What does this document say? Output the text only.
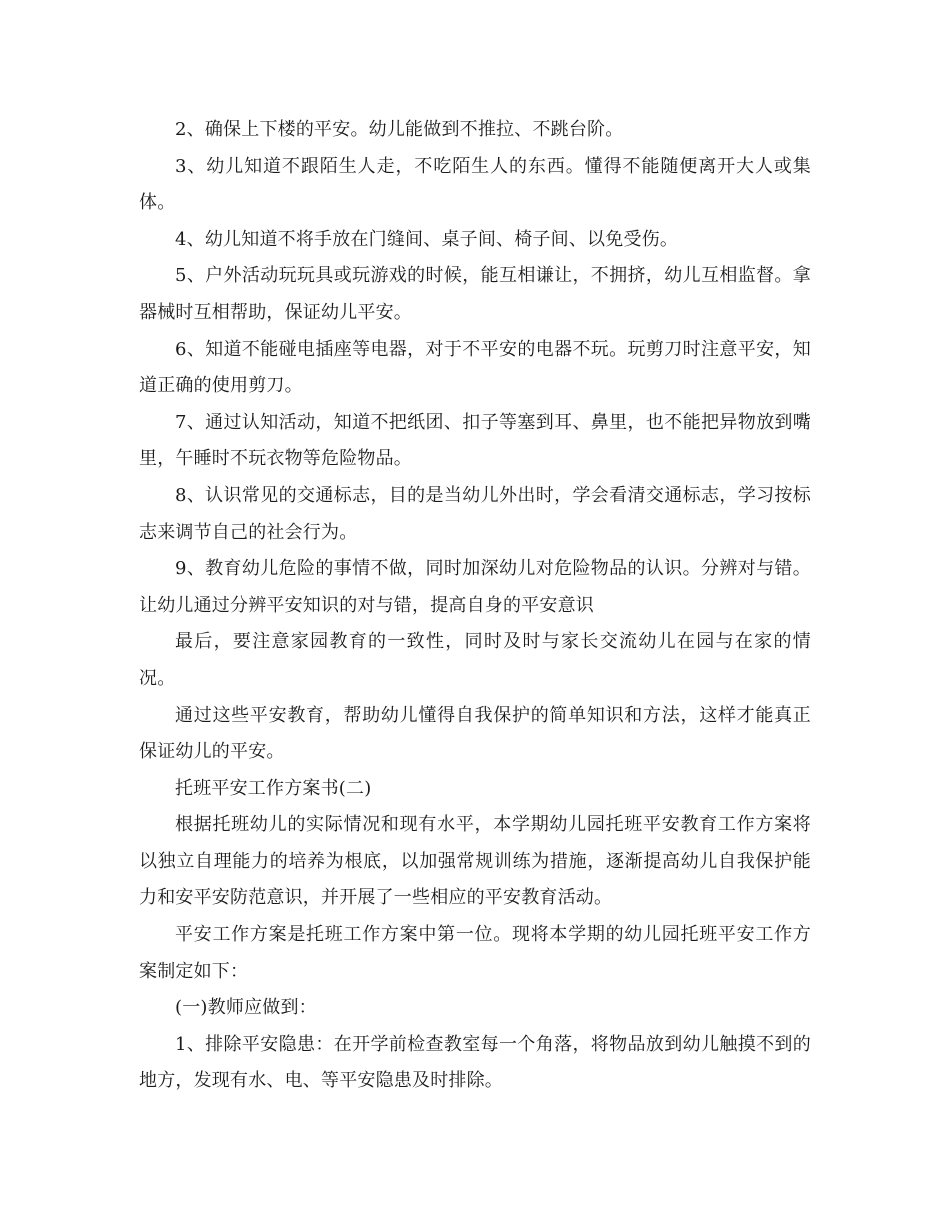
2、确保上下楼的平安。幼儿能做到不推拉、不跳台阶。

3、幼儿知道不跟陌生人走，不吃陌生人的东西。懂得不能随便离开大人或集体。

4、幼儿知道不将手放在门缝间、桌子间、椅子间、以免受伤。

5、户外活动玩玩具或玩游戏的时候，能互相谦让，不拥挤，幼儿互相监督。拿器械时互相帮助，保证幼儿平安。

6、知道不能碰电插座等电器，对于不平安的电器不玩。玩剪刀时注意平安，知道正确的使用剪刀。

7、通过认知活动，知道不把纸团、扣子等塞到耳、鼻里，也不能把异物放到嘴里，午睡时不玩衣物等危险物品。

8、认识常见的交通标志，目的是当幼儿外出时，学会看清交通标志，学习按标志来调节自己的社会行为。

9、教育幼儿危险的事情不做，同时加深幼儿对危险物品的认识。分辨对与错。让幼儿通过分辨平安知识的对与错，提高自身的平安意识

最后，要注意家园教育的一致性，同时及时与家长交流幼儿在园与在家的情况。

通过这些平安教育，帮助幼儿懂得自我保护的简单知识和方法，这样才能真正保证幼儿的平安。

托班平安工作方案书(二)

根据托班幼儿的实际情况和现有水平，本学期幼儿园托班平安教育工作方案将以独立自理能力的培养为根底，以加强常规训练为措施，逐渐提高幼儿自我保护能力和安平安防范意识，并开展了一些相应的平安教育活动。

平安工作方案是托班工作方案中第一位。现将本学期的幼儿园托班平安工作方案制定如下：

(一)教师应做到：

1、排除平安隐患：在开学前检查教室每一个角落，将物品放到幼儿触摸不到的地方，发现有水、电、等平安隐患及时排除。
